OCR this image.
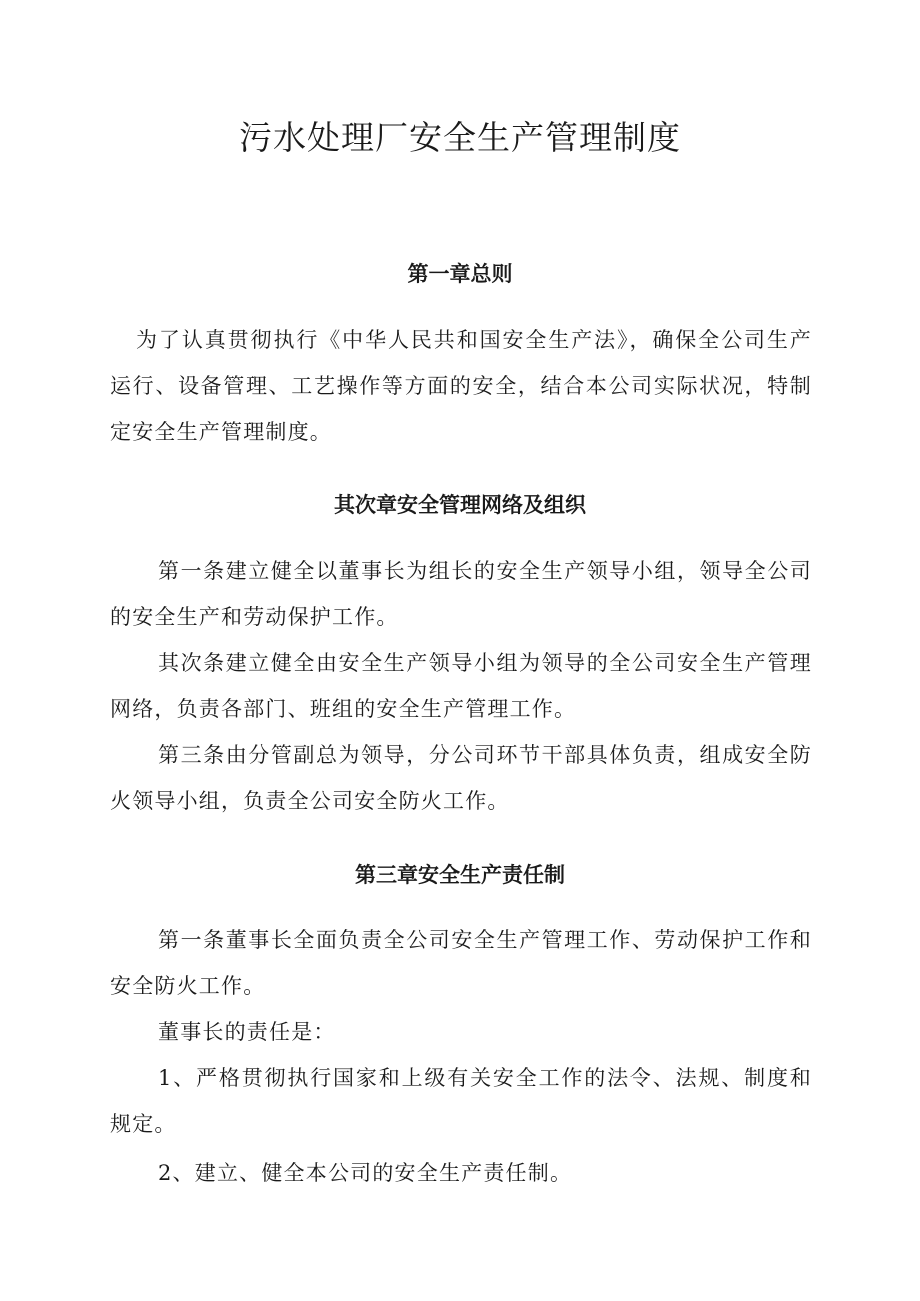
污水处理厂安全生产管理制度
第一章总则

为了认真贯彻执行《中华人民共和国安全生产法》，确保全公司生产运行、设备管理、工艺操作等方面的安全，结合本公司实际状况，特制定安全生产管理制度。

其次章安全管理网络及组织

第一条建立健全以董事长为组长的安全生产领导小组，领导全公司的安全生产和劳动保护工作。

其次条建立健全由安全生产领导小组为领导的全公司安全生产管理网络，负责各部门、班组的安全生产管理工作。

第三条由分管副总为领导，分公司环节干部具体负责，组成安全防火领导小组，负责全公司安全防火工作。

第三章安全生产责任制

第一条董事长全面负责全公司安全生产管理工作、劳动保护工作和安全防火工作。

董事长的责任是：

1、严格贯彻执行国家和上级有关安全工作的法令、法规、制度和规定。

2、建立、健全本公司的安全生产责任制。
